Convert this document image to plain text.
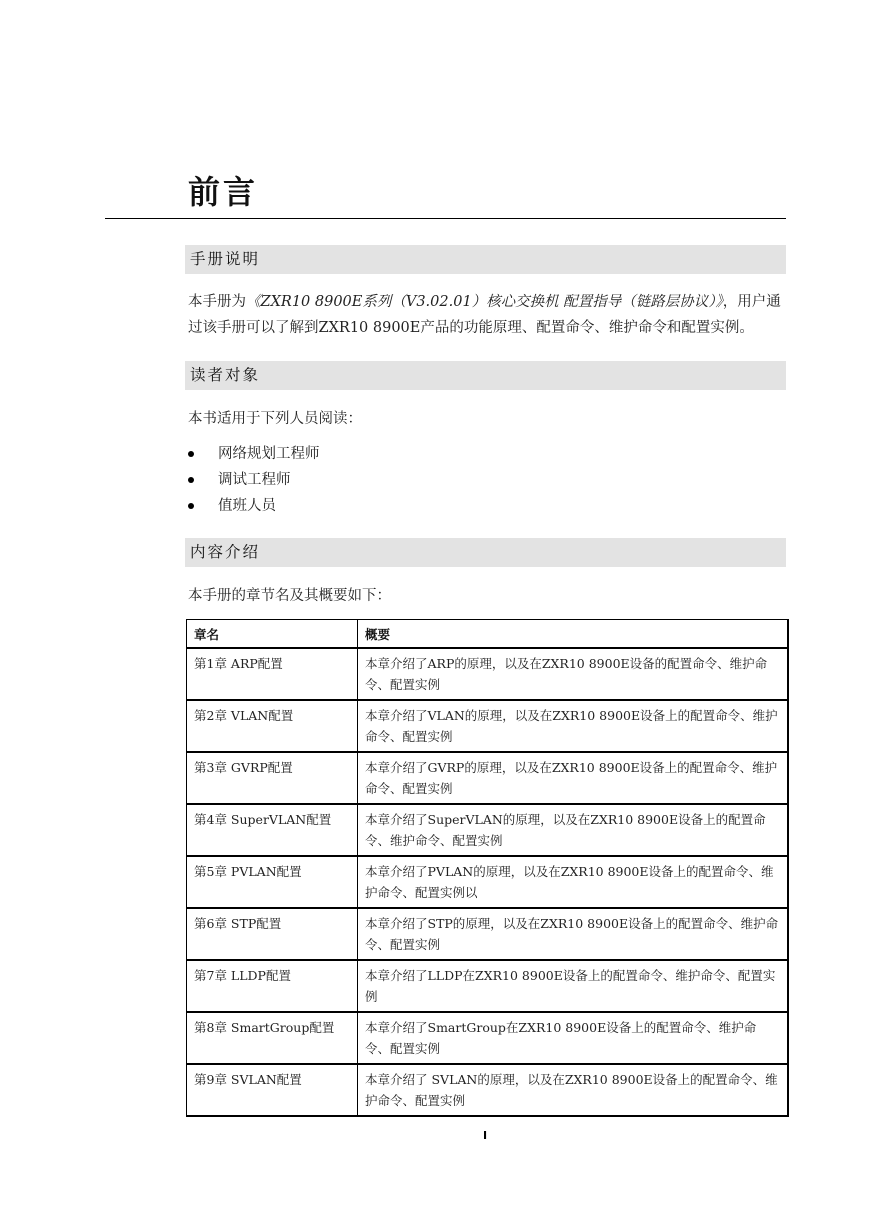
前言
手册说明

本手册为《ZXR10 8900E系列（V3.02.01）核心交换机 配置指导（链路层协议）》，用户通过该手册可以了解到ZXR10 8900E产品的功能原理、配置命令、维护命令和配置实例。

读者对象

本书适用于下列人员阅读：

网络规划工程师
调试工程师
值班人员
内容介绍

本手册的章节名及其概要如下：

章名	概要
第1章 ARP配置	本章介绍了ARP的原理，以及在ZXR10 8900E设备的配置命令、维护命令、配置实例
第2章 VLAN配置	本章介绍了VLAN的原理，以及在ZXR10 8900E设备上的配置命令、维护命令、配置实例
第3章 GVRP配置	本章介绍了GVRP的原理，以及在ZXR10 8900E设备上的配置命令、维护命令、配置实例
第4章 SuperVLAN配置	本章介绍了SuperVLAN的原理，以及在ZXR10 8900E设备上的配置命令、维护命令、配置实例
第5章 PVLAN配置	本章介绍了PVLAN的原理，以及在ZXR10 8900E设备上的配置命令、维护命令、配置实例以
第6章 STP配置	本章介绍了STP的原理，以及在ZXR10 8900E设备上的配置命令、维护命令、配置实例
第7章 LLDP配置	本章介绍了LLDP在ZXR10 8900E设备上的配置命令、维护命令、配置实例
第8章 SmartGroup配置	本章介绍了SmartGroup在ZXR10 8900E设备上的配置命令、维护命令、配置实例
第9章 SVLAN配置	本章介绍了 SVLAN的原理，以及在ZXR10 8900E设备上的配置命令、维护命令、配置实例
I
